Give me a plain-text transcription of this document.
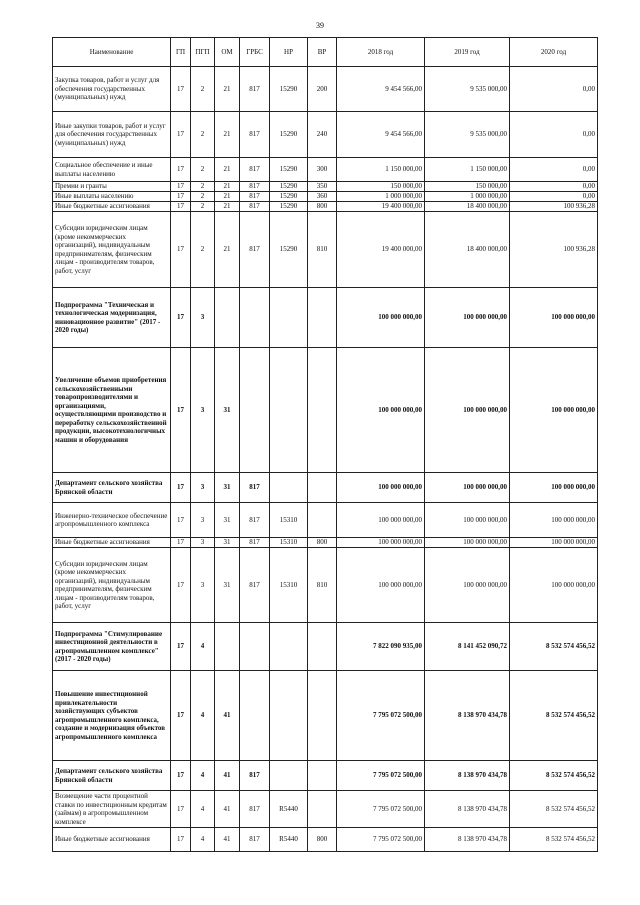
39
Наименование	ГП	ПГП	ОМ	ГРБС	НР	ВР	2018 год	2019 год	2020 год
Закупка товаров, работ и услуг для обеспечения государственных (муниципальных) нужд	17	2	21	817	15290	200	9 454 566,00	9 535 000,00	0,00
Иные закупки товаров, работ и услуг для обеспечения государственных (муниципальных) нужд	17	2	21	817	15290	240	9 454 566,00	9 535 000,00	0,00
Социальное обеспечение и иные выплаты населению	17	2	21	817	15290	300	1 150 000,00	1 150 000,00	0,00
Премии и гранты	17	2	21	817	15290	350	150 000,00	150 000,00	0,00
Иные выплаты населению	17	2	21	817	15290	360	1 000 000,00	1 000 000,00	0,00
Иные бюджетные ассигнования	17	2	21	817	15290	800	19 400 000,00	18 400 000,00	100 936,28
Субсидии юридическим лицам (кроме некоммерческих организаций), индивидуальным предпринимателям, физическим лицам - производителям товаров, работ, услуг	17	2	21	817	15290	810	19 400 000,00	18 400 000,00	100 936,28
Подпрограмма "Техническая и технологическая модернизация, инновационное развитие" (2017 - 2020 годы)	17	3					100 000 000,00	100 000 000,00	100 000 000,00
Увеличение объемов приобретения сельскохозяйственными товаропроизводителями и организациями, осуществляющими производство и переработку сельскохозяйственной продукции, высокотехнологичных машин и оборудования	17	3	31				100 000 000,00	100 000 000,00	100 000 000,00
Департамент сельского хозяйства Брянской области	17	3	31	817			100 000 000,00	100 000 000,00	100 000 000,00
Инженерно-техническое обеспечение агропромышленного комплекса	17	3	31	817	15310		100 000 000,00	100 000 000,00	100 000 000,00
Иные бюджетные ассигнования	17	3	31	817	15310	800	100 000 000,00	100 000 000,00	100 000 000,00
Субсидии юридическим лицам (кроме некоммерческих организаций), индивидуальным предпринимателям, физическим лицам - производителям товаров, работ, услуг	17	3	31	817	15310	810	100 000 000,00	100 000 000,00	100 000 000,00
Подпрограмма "Стимулирование инвестиционной деятельности в агропромышленном комплексе" (2017 - 2020 годы)	17	4					7 822 090 935,00	8 141 452 090,72	8 532 574 456,52
Повышение инвестиционной привлекательности хозяйствующих субъектов агропромышленного комплекса, создание и модернизация объектов агропромышленного комплекса	17	4	41				7 795 072 500,00	8 138 970 434,78	8 532 574 456,52
Департамент сельского хозяйства Брянской области	17	4	41	817			7 795 072 500,00	8 138 970 434,78	8 532 574 456,52
Возмещение части процентной ставки по инвестиционным кредитам (займам) в агропромышленном комплексе	17	4	41	817	R5440		7 795 072 500,00	8 138 970 434,78	8 532 574 456,52
Иные бюджетные ассигнования	17	4	41	817	R5440	800	7 795 072 500,00	8 138 970 434,78	8 532 574 456,52
